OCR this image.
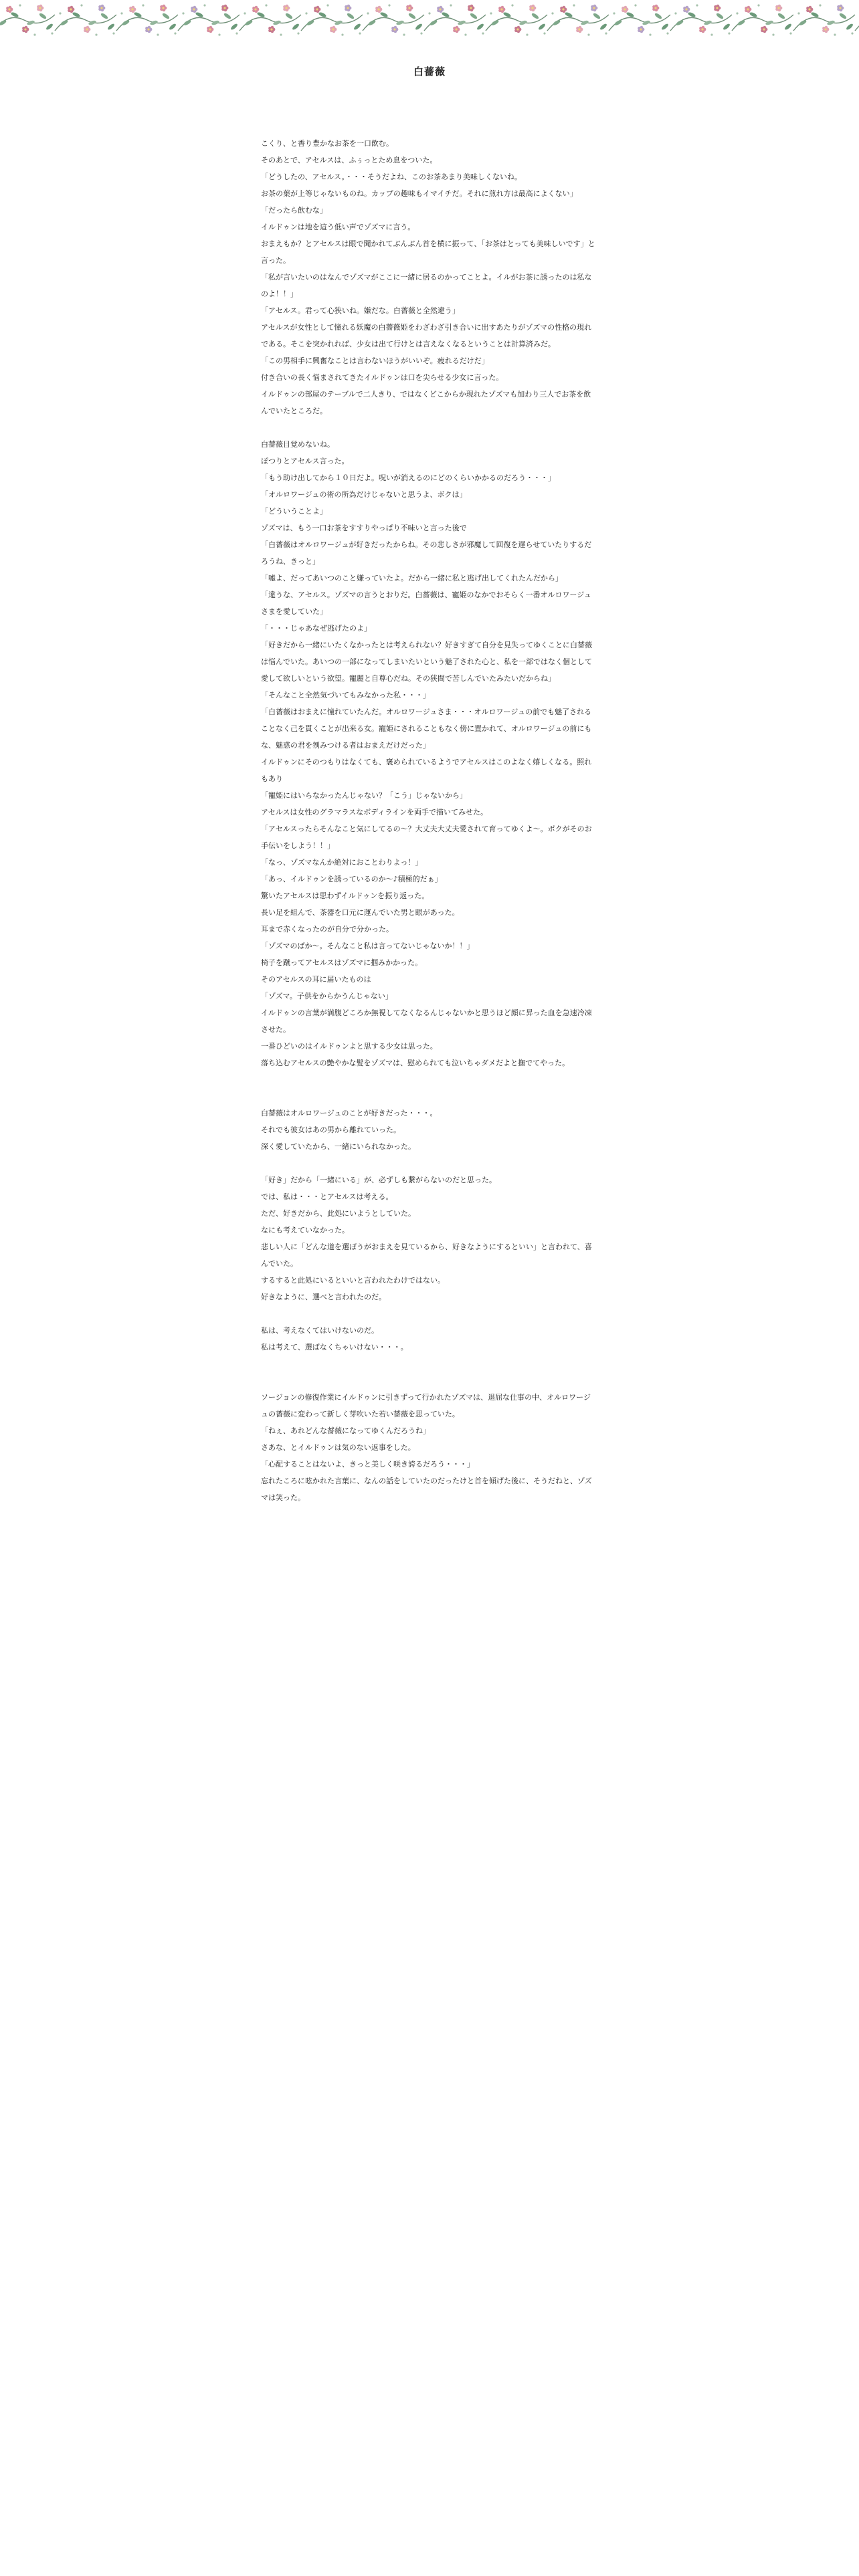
白薔薇

こくり、と香り豊かなお茶を一口飲む。

そのあとで、アセルスは、ふぅっとため息をついた。

「どうしたの、アセルス。・・・そうだよね、このお茶あまり美味しくないね。

お茶の葉が上等じゃないものね。カップの趣味もイマイチだ。それに煎れ方は最高によくない」

「だったら飲むな」

イルドゥンは地を這う低い声でゾズマに言う。

おまえもか？とアセルスは眼で聞かれてぶんぶん首を横に振って、「お茶はとっても美味しいです」と言った。

「私が言いたいのはなんでゾズマがここに一緒に居るのかってことよ。イルがお茶に誘ったのは私なのよ！！」

「アセルス。君って心狭いね。嫌だな。白薔薇と全然違う」

アセルスが女性として憧れる妖魔の白薔薇姫をわざわざ引き合いに出すあたりがゾズマの性格の現れである。そこを突かれれば、少女は出て行けとは言えなくなるということは計算済みだ。

「この男相手に興奮なことは言わないほうがいいぞ。疲れるだけだ」

付き合いの長く悩まされてきたイルドゥンは口を尖らせる少女に言った。

イルドゥンの部屋のテーブルで二人きり、ではなくどこからか現れたゾズマも加わり三人でお茶を飲んでいたところだ。

白薔薇目覚めないね。

ぽつりとアセルス言った。

「もう助け出してから１０日だよ。呪いが消えるのにどのくらいかかるのだろう・・・」

「オルロワージュの術の所為だけじゃないと思うよ、ボクは」

「どういうことよ」

ゾズマは、もう一口お茶をすすりやっぱり不味いと言った後で

「白薔薇はオルロワージュが好きだったからね。その悲しさが邪魔して回復を遅らせていたりするだろうね、きっと」

「嘘よ、だってあいつのこと嫌っていたよ。だから一緒に私と逃げ出してくれたんだから」

「違うな、アセルス。ゾズマの言うとおりだ。白薔薇は、寵姫のなかでおそらく一番オルロワージュさまを愛していた」

「・・・じゃあなぜ逃げたのよ」

「好きだから一緒にいたくなかったとは考えられない？好きすぎて自分を見失ってゆくことに白薔薇は悩んでいた。あいつの一部になってしまいたいという魅了された心と、私を一部ではなく個として愛して欲しいという欲望。寵麗と自尊心だね。その狭間で苦しんでいたみたいだからね」

「そんなこと全然気づいてもみなかった私・・・」

「白薔薇はおまえに憧れていたんだ。オルロワージュさま・・・オルロワージュの前でも魅了されることなく己を貫くことが出来る女。寵姫にされることもなく傍に置かれて、オルロワージュの前にもな、魅惑の君を刎みつける者はおまえだけだった」

イルドゥンにそのつもりはなくても、褒められているようでアセルスはこのよなく嬉しくなる。照れもあり

「寵姫にはいらなかったんじゃない？「こう」じゃないから」

アセルスは女性のグラマラスなボディラインを両手で描いてみせた。

「アセルスったらそんなこと気にしてるの〜？大丈夫大丈夫愛されて育ってゆくよ〜。ボクがそのお手伝いをしよう！！」

「なっ、ゾズマなんか絶対におことわりよっ！」

「あっ、イルドゥンを誘っているのか〜♪積極的だぁ」

驚いたアセルスは思わずイルドゥンを振り返った。

長い足を組んで、茶器を口元に運んでいた男と眼があった。

耳まで赤くなったのが自分で分かった。

「ゾズマのばか〜。そんなこと私は言ってないじゃないか！！」

椅子を蹴ってアセルスはゾズマに掴みかかった。

そのアセルスの耳に届いたものは

「ゾズマ。子供をからかうんじゃない」

イルドゥンの言葉が満腹どころか無視してなくなるんじゃないかと思うほど顔に昇った血を急速冷凍させた。

一番ひどいのはイルドゥンよと思する少女は思った。

落ち込むアセルスの艶やかな髪をゾズマは、慰められても泣いちゃダメだよと撫でてやった。

白薔薇はオルロワージュのことが好きだった・・・。

それでも彼女はあの男から離れていった。

深く愛していたから、一緒にいられなかった。

「好き」だから「一緒にいる」が、必ずしも繋がらないのだと思った。

では、私は・・・とアセルスは考える。

ただ、好きだから、此処にいようとしていた。

なにも考えていなかった。

悲しい人に「どんな道を選ぼうがおまえを見ているから、好きなようにするといい」と言われて、喜んでいた。

するすると此処にいるといいと言われたわけではない。

好きなように、選べと言われたのだ。

私は、考えなくてはいけないのだ。

私は考えて、選ばなくちゃいけない・・・。

ソージョンの修復作業にイルドゥンに引きずって行かれたゾズマは、退屈な仕事の中、オルロワージュの薔薇に変わって新しく芽吹いた若い薔薇を思っていた。

「ねぇ、あれどんな薔薇になってゆくんだろうね」

さあな、とイルドゥンは気のない返事をした。

「心配することはないよ、きっと美しく咲き誇るだろう・・・」

忘れたころに呟かれた言葉に、なんの話をしていたのだったけと首を傾げた後に、そうだねと、ゾズマは笑った。
